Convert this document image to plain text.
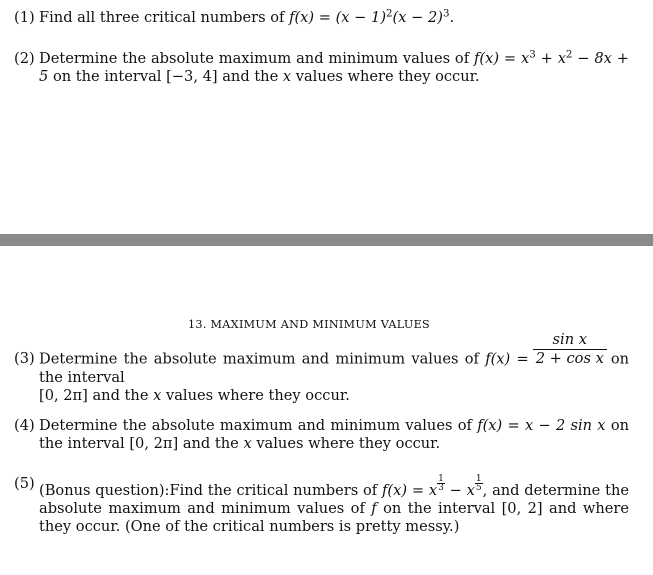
(1) Find all three critical numbers of $f(x) = (x - 1)^2(x - 2)^3$.
(2) Determine the absolute maximum and minimum values of $f(x) = x^3 + x^2 - 8x + 5$ on the interval [−3, 4] and the x values where they occur.
13. MAXIMUM AND MINIMUM VALUES
(3) Determine the absolute maximum and minimum values of $f(x) = \frac{\text{sin x}}{\text{2 + cos x}}$ on the interval
[0, 2π] and the x values where they occur.
(4) Determine the absolute maximum and minimum values of f(x) = x − 2 sin x on the interval [0, 2π] and the x values where they occur.
(5) (Bonus question):Find the critical numbers of f(x) = x $\frac{1}{3} - x \frac{1}{5}$ , and determine the absolute maximum and minimum values of f on the interval [0, 2] and where they occur. (One of the critical numbers is pretty messy.)
